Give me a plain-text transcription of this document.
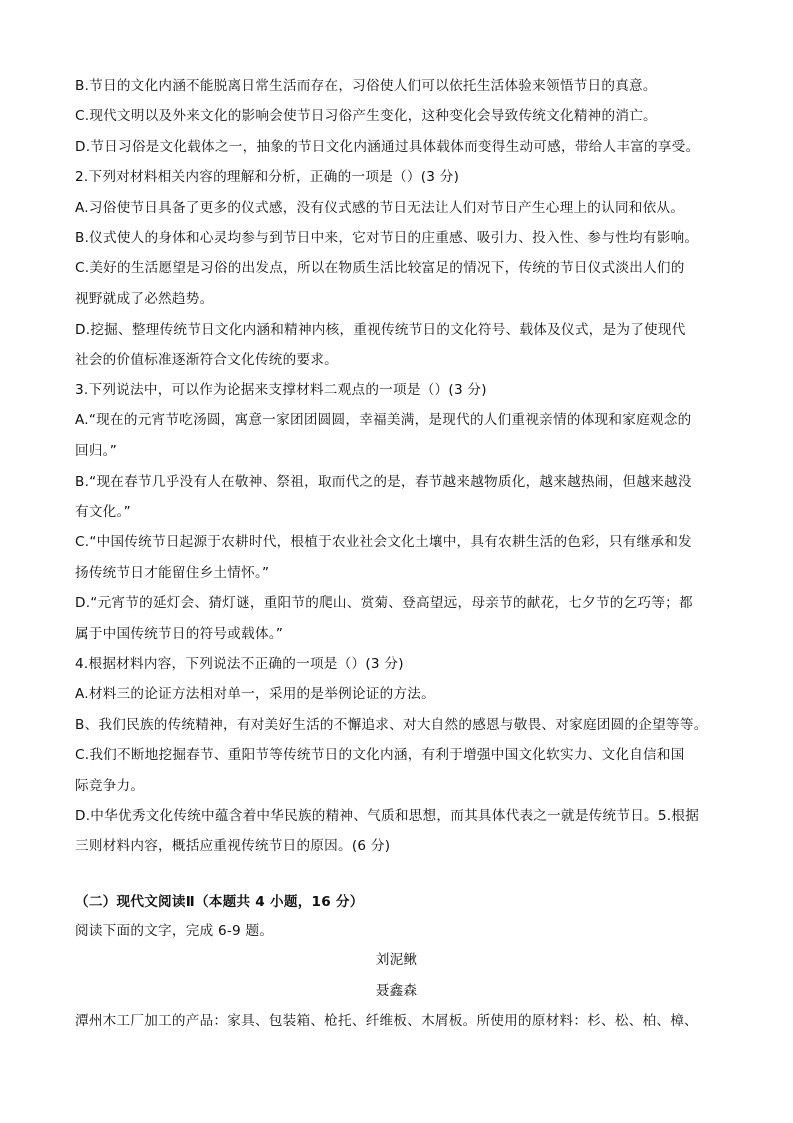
B.节日的文化内涵不能脱离日常生活而存在，习俗使人们可以依托生活体验来领悟节日的真意。
C.现代文明以及外来文化的影响会使节日习俗产生变化，这种变化会导致传统文化精神的消亡。
D.节日习俗是文化载体之一，抽象的节日文化内涵通过具体载体而变得生动可感，带给人丰富的享受。
2.下列对材料相关内容的理解和分析，正确的一项是（）(3 分)
A.习俗使节日具备了更多的仪式感，没有仪式感的节日无法让人们对节日产生心理上的认同和依从。
B.仪式使人的身体和心灵均参与到节日中来，它对节日的庄重感、吸引力、投入性、参与性均有影响。
C.美好的生活愿望是习俗的出发点，所以在物质生活比较富足的情况下，传统的节日仪式淡出人们的
视野就成了必然趋势。
D.挖掘、整理传统节日文化内涵和精神内核，重视传统节日的文化符号、载体及仪式，是为了使现代
社会的价值标准逐渐符合文化传统的要求。
3.下列说法中，可以作为论据来支撑材料二观点的一项是（）(3 分)
A.“现在的元宵节吃汤圆，寓意一家团团圆圆，幸福美满，是现代的人们重视亲情的体现和家庭观念的
回归。”
B.“现在春节几乎没有人在敬神、祭祖，取而代之的是，春节越来越物质化，越来越热闹，但越来越没
有文化。”
C.“中国传统节日起源于农耕时代，根植于农业社会文化土壤中，具有农耕生活的色彩，只有继承和发
扬传统节日才能留住乡土情怀。”
D.“元宵节的延灯会、猜灯谜，重阳节的爬山、赏菊、登高望远，母亲节的献花，七夕节的乞巧等；都
属于中国传统节日的符号或载体。”
4.根据材料内容，下列说法不正确的一项是（）(3 分)
A.材料三的论证方法相对单一，采用的是举例论证的方法。
B、我们民族的传统精神，有对美好生活的不懈追求、对大自然的感恩与敬畏、对家庭团圆的企望等等。
C.我们不断地挖掘春节、重阳节等传统节日的文化内涵，有利于增强中国文化软实力、文化自信和国
际竞争力。
D.中华优秀文化传统中蕴含着中华民族的精神、气质和思想，而其具体代表之一就是传统节日。5.根据
三则材料内容，概括应重视传统节日的原因。(6 分)
（二）现代文阅读Ⅱ（本题共 4 小题，16 分）
阅读下面的文字，完成 6-9 题。
刘泥鳅
聂鑫森
潭州木工厂加工的产品：家具、包装箱、枪托、纤维板、木屑板。所使用的原材料：杉、松、柏、樟、
